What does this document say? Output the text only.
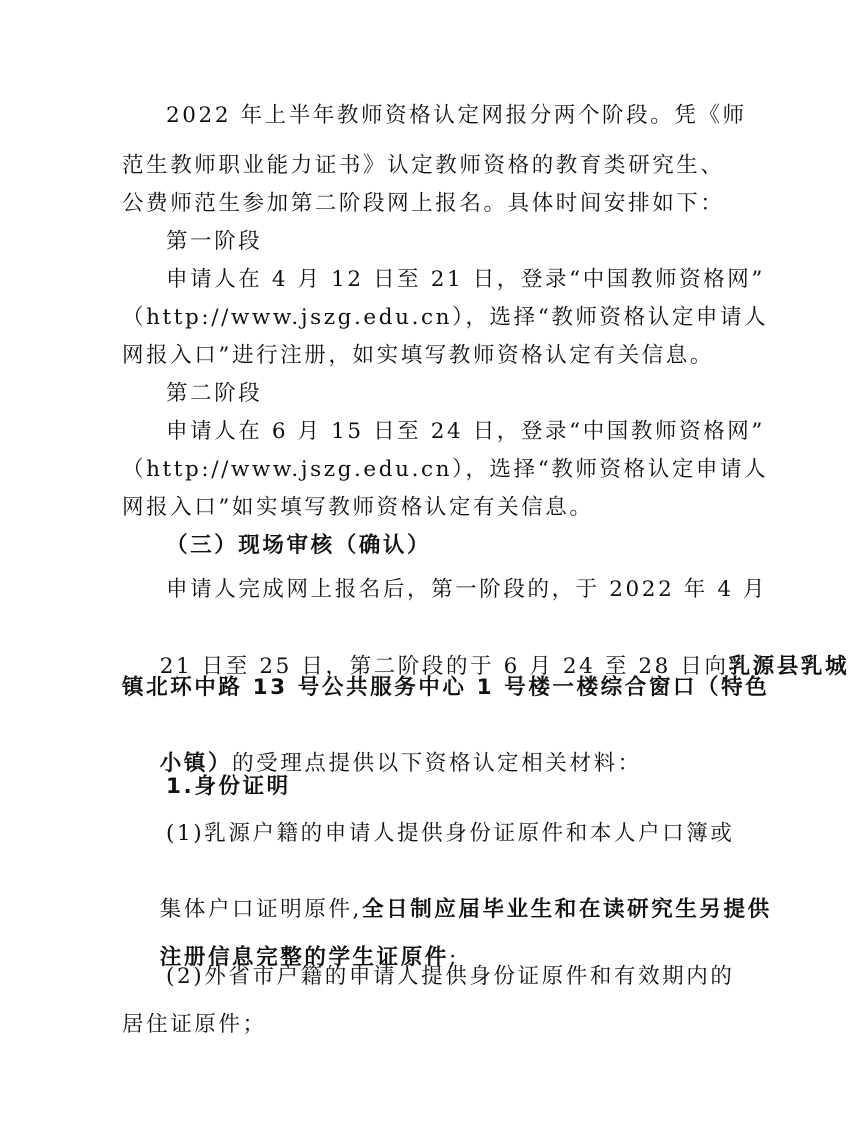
2022 年上半年教师资格认定网报分两个阶段。凭《师
范生教师职业能力证书》认定教师资格的教育类研究生、
公费师范生参加第二阶段网上报名。具体时间安排如下：
第一阶段
申请人在 4 月 12 日至 21 日，登录“中国教师资格网”
（http://www.jszg.edu.cn），选择“教师资格认定申请人
网报入口”进行注册，如实填写教师资格认定有关信息。
第二阶段
申请人在 6 月 15 日至 24 日，登录“中国教师资格网”
（http://www.jszg.edu.cn），选择“教师资格认定申请人
网报入口”如实填写教师资格认定有关信息。
（三）现场审核（确认）
申请人完成网上报名后，第一阶段的，于 2022 年 4 月

21 日至 25 日，第二阶段的于 6 月 24 至 28 日向乳源县乳城

镇北环中路 13 号公共服务中心 1 号楼一楼综合窗口（特色

小镇）的受理点提供以下资格认定相关材料：

1.身份证明
(1)乳源户籍的申请人提供身份证原件和本人户口簿或

集体户口证明原件,全日制应届毕业生和在读研究生另提供

注册信息完整的学生证原件;

(2)外省市户籍的申请人提供身份证原件和有效期内的
居住证原件；
